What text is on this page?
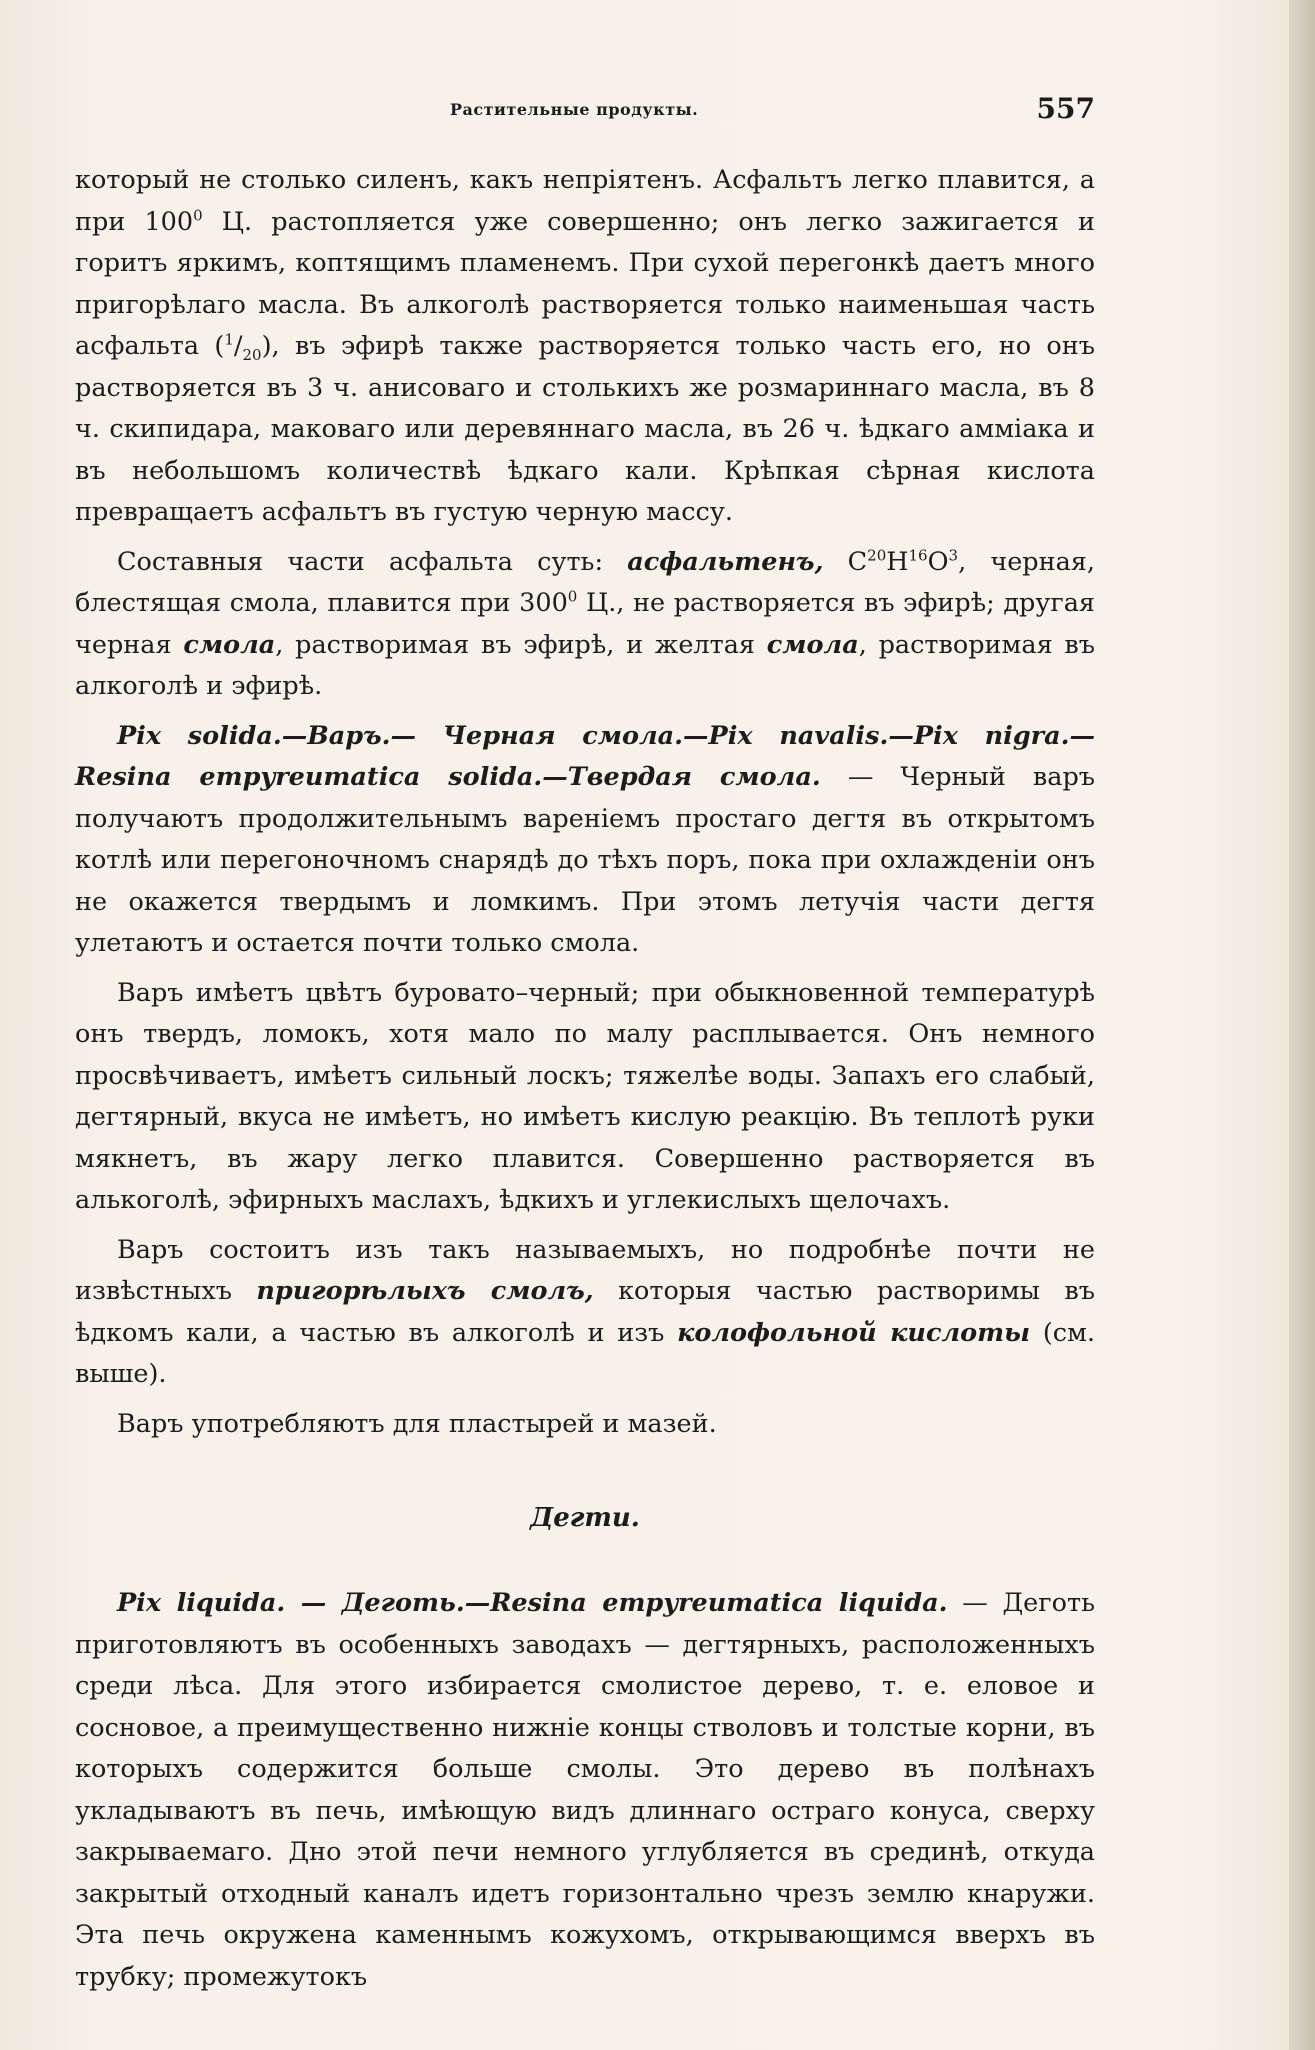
Растительные продукты.	557

который не столько силенъ, какъ непріятенъ. Асфальтъ легко плавится, а при $100^0$ Ц. растопляется уже совершенно; онъ легко зажигается и горитъ яркимъ, коптящимъ пламенемъ. При сухой перегонкѣ даетъ много пригорѣлаго масла. Въ алкоголѣ растворяется только наименьшая часть асфальта $(^1/_{20})$, въ эфирѣ также растворяется только часть его, но онъ растворяется въ 3 ч. анисоваго и столькихъ же розмариннаго масла, въ 8 ч. скипидара, маковаго или деревяннаго масла, въ 26 ч. ѣдкаго амміака и въ небольшомъ количествѣ ѣдкаго кали. Крѣпкая сѣрная кислота превращаетъ асфальтъ въ густую черную массу.

Составныя части асфальта суть: асфальтенъ, $C^{20}H^{16}O^3$, черная, блестящая смола, плавится при $300^0$ Ц., не растворяется въ эфирѣ; другая черная смола, растворимая въ эфирѣ, и желтая смола, растворимая въ алкоголѣ и эфирѣ.

Pix solida.—Варъ.— Черная смола.—Pix navalis.—Pix nigra.—Resina empyreumatica solida.—Твердая смола. — Черный варъ получаютъ продолжительнымъ вареніемъ простаго дегтя въ открытомъ котлѣ или перегоночномъ снарядѣ до тѣхъ поръ, пока при охлажденіи онъ не окажется твердымъ и ломкимъ. При этомъ летучія части дегтя улетаютъ и остается почти только смола.

Варъ имѣетъ цвѣтъ буровато–черный; при обыкновенной температурѣ онъ твердъ, ломокъ, хотя мало по малу расплывается. Онъ немного просвѣчиваетъ, имѣетъ сильный лоскъ; тяжелѣе воды. Запахъ его слабый, дегтярный, вкуса не имѣетъ, но имѣетъ кислую реакцію. Въ теплотѣ руки мякнетъ, въ жару легко плавится. Совершенно растворяется въ алькоголѣ, эфирныхъ маслахъ, ѣдкихъ и углекислыхъ щелочахъ.

Варъ состоитъ изъ такъ называемыхъ, но подробнѣе почти не извѣстныхъ пригорѣлыхъ смолъ, которыя частью растворимы въ ѣдкомъ кали, а частью въ алкоголѣ и изъ колофольной кислоты (см. выше).

Варъ употребляютъ для пластырей и мазей.

Дегти.

Pix liquida. — Деготь.—Resina empyreumatica liquida. — Деготь приготовляютъ въ особенныхъ заводахъ — дегтярныхъ, расположенныхъ среди лѣса. Для этого избирается смолистое дерево, т. е. еловое и сосновое, а преимущественно нижніе концы стволовъ и толстые корни, въ которыхъ содержится больше смолы. Это дерево въ полѣнахъ укладываютъ въ печь, имѣющую видъ длиннаго остраго конуса, сверху закрываемаго. Дно этой печи немного углубляется въ срединѣ, откуда закрытый отходный каналъ идетъ горизонтально чрезъ землю кнаружи. Эта печь окружена каменнымъ кожухомъ, открывающимся вверхъ въ трубку; промежутокъ
